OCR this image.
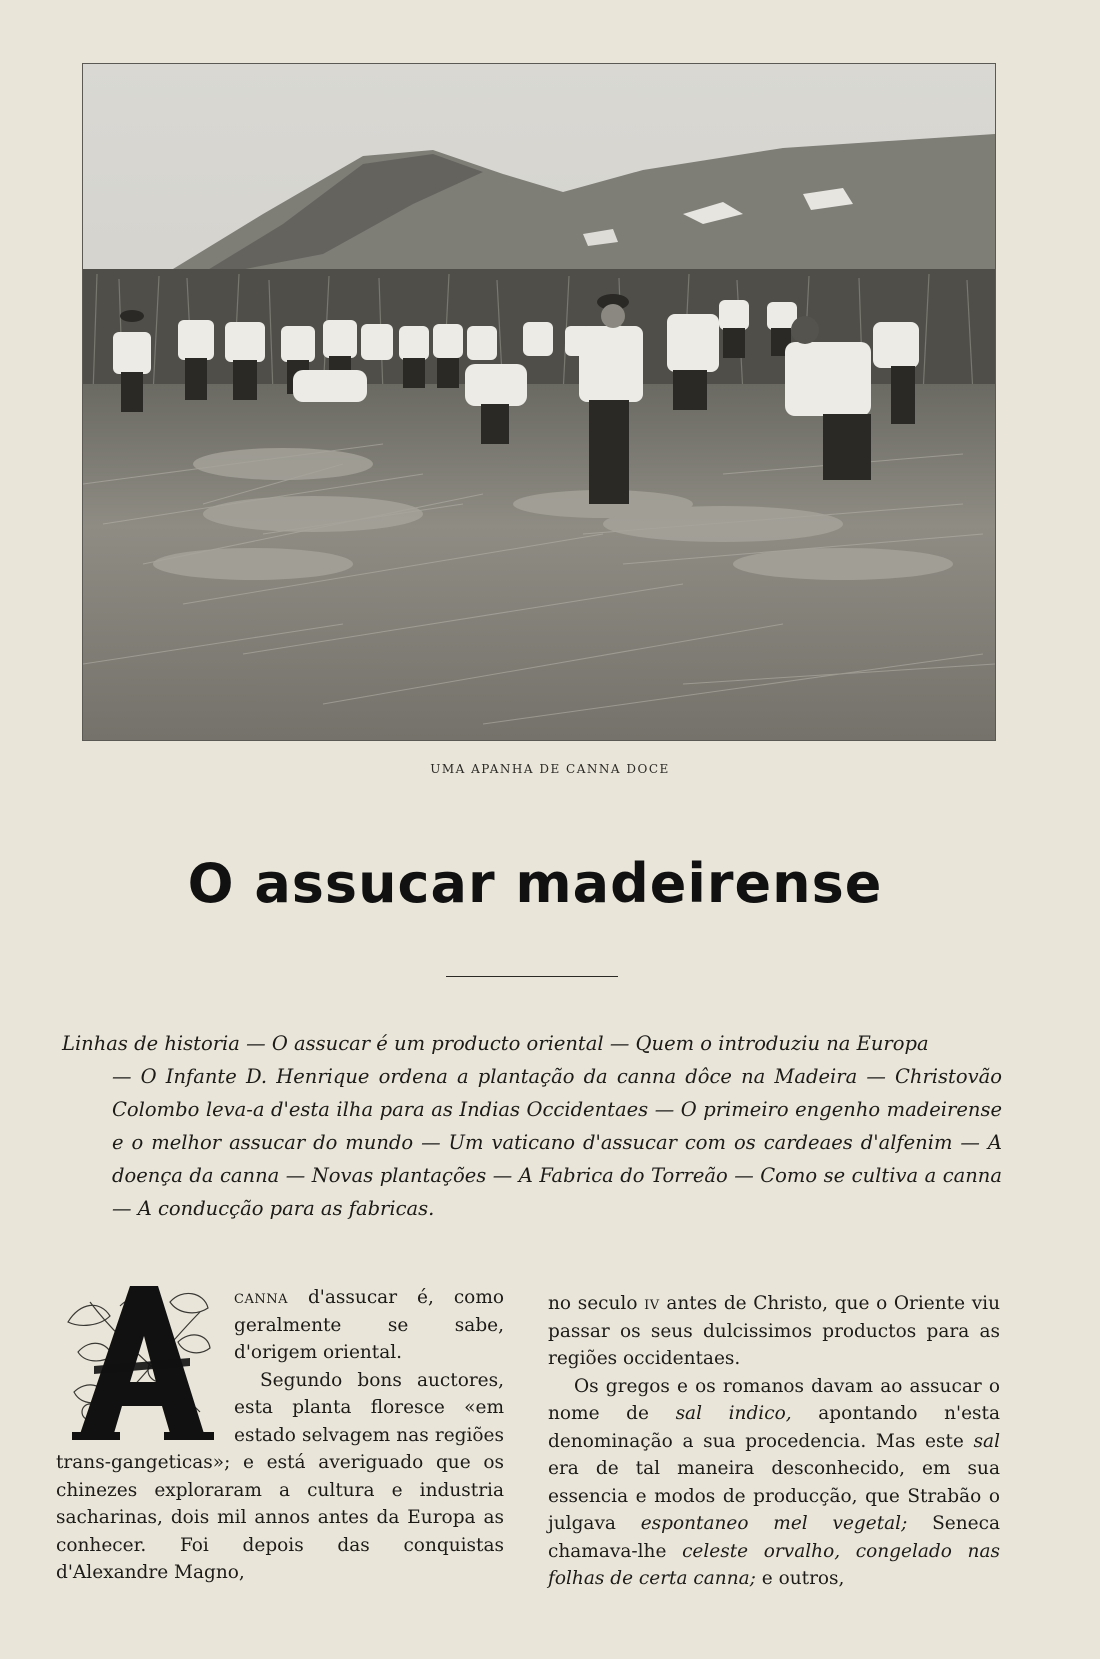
UMA APANHA DE CANNA DOCE
O assucar madeirense
Linhas de historia — O assucar é um producto oriental — Quem o introduziu na Europa
— O Infante D. Henrique ordena a plantação da canna dôce na Madeira — Christovão Colombo leva-a d'esta ilha para as Indias Occidentaes — O primeiro engenho madeirense e o melhor assucar do mundo — Um vaticano d'assucar com os cardeaes d'alfenim — A doença da canna — Novas plantações — A Fabrica do Torreão — Como se cultiva a canna — A conducção para as fabricas.

canna d'assucar é, como geralmente se sabe, d'origem oriental.

Segundo bons auctores, esta planta floresce «em estado selvagem nas regiões trans-gangeticas»; e está averiguado que os chinezes exploraram a cultura e industria sacharinas, dois mil annos antes da Europa as conhecer. Foi depois das conquistas d'Alexandre Magno,

no seculo iv antes de Christo, que o Oriente viu passar os seus dulcissimos productos para as regiões occidentaes.

Os gregos e os romanos davam ao assucar o nome de sal indico, apontando n'esta denominação a sua procedencia. Mas este sal era de tal maneira desconhecido, em sua essencia e modos de producção, que Strabão o julgava espontaneo mel vegetal; Seneca chamava-lhe celeste orvalho, congelado nas folhas de certa canna; e outros,
